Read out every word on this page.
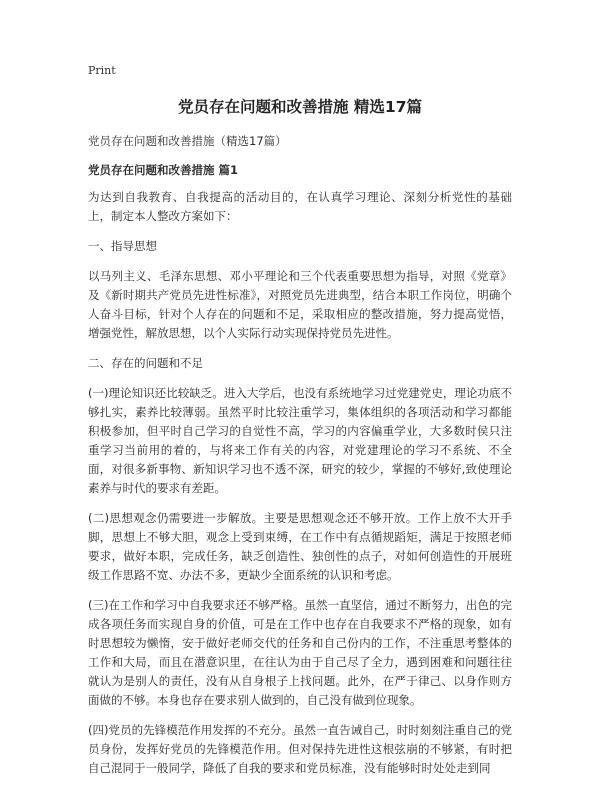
Print
党员存在问题和改善措施 精选17篇
党员存在问题和改善措施（精选17篇）
党员存在问题和改善措施 篇1

为达到自我教育、自我提高的活动目的，在认真学习理论、深刻分析党性的基础上，制定本人整改方案如下：

一、指导思想

以马列主义、毛泽东思想、邓小平理论和三个代表重要思想为指导，对照《党章》及《新时期共产党员先进性标准》，对照党员先进典型，结合本职工作岗位，明确个人奋斗目标，针对个人存在的问题和不足，采取相应的整改措施，努力提高觉悟，增强党性，解放思想，以个人实际行动实现保持党员先进性。

二、存在的问题和不足

(一)理论知识还比较缺乏。进入大学后，也没有系统地学习过党建党史，理论功底不够扎实，素养比较薄弱。虽然平时比较注重学习，集体组织的各项活动和学习都能积极参加，但平时自己学习的自觉性不高，学习的内容偏重学业，大多数时侯只注重学习当前用的着的，与将来工作有关的内容，对党建理论的学习不系统、不全面，对很多新事物、新知识学习也不透不深，研究的较少，掌握的不够好,致使理论素养与时代的要求有差距。

(二)思想观念仍需要进一步解放。主要是思想观念还不够开放。工作上放不大开手脚，思想上不够大胆，观念上受到束缚，在工作中有点循规蹈矩，满足于按照老师要求，做好本职，完成任务，缺乏创造性、独创性的点子，对如何创造性的开展班级工作思路不宽、办法不多，更缺少全面系统的认识和考虑。

(三)在工作和学习中自我要求还不够严格。虽然一直坚信，通过不断努力，出色的完成各项任务而实现自身的价值，可是在工作中也存在自我要求不严格的现象，如有时思想较为懒惰，安于做好老师交代的任务和自己份内的工作，不注重思考整体的工作和大局，而且在潜意识里，在往认为由于自己尽了全力，遇到困难和问题往往就认为是别人的责任，没有从自身根子上找问题。此外，在严于律己、以身作则方面做的不够。本身也存在要求别人做到的，自己没有做到位现象。

(四)党员的先锋模范作用发挥的不充分。虽然一直告诫自己，时时刻刻注重自己的党员身份，发挥好党员的先锋模范作用。但对保持先进性这根弦崩的不够紧，有时把自己混同于一般同学，降低了自我的要求和党员标准，没有能够时时处处走到同
